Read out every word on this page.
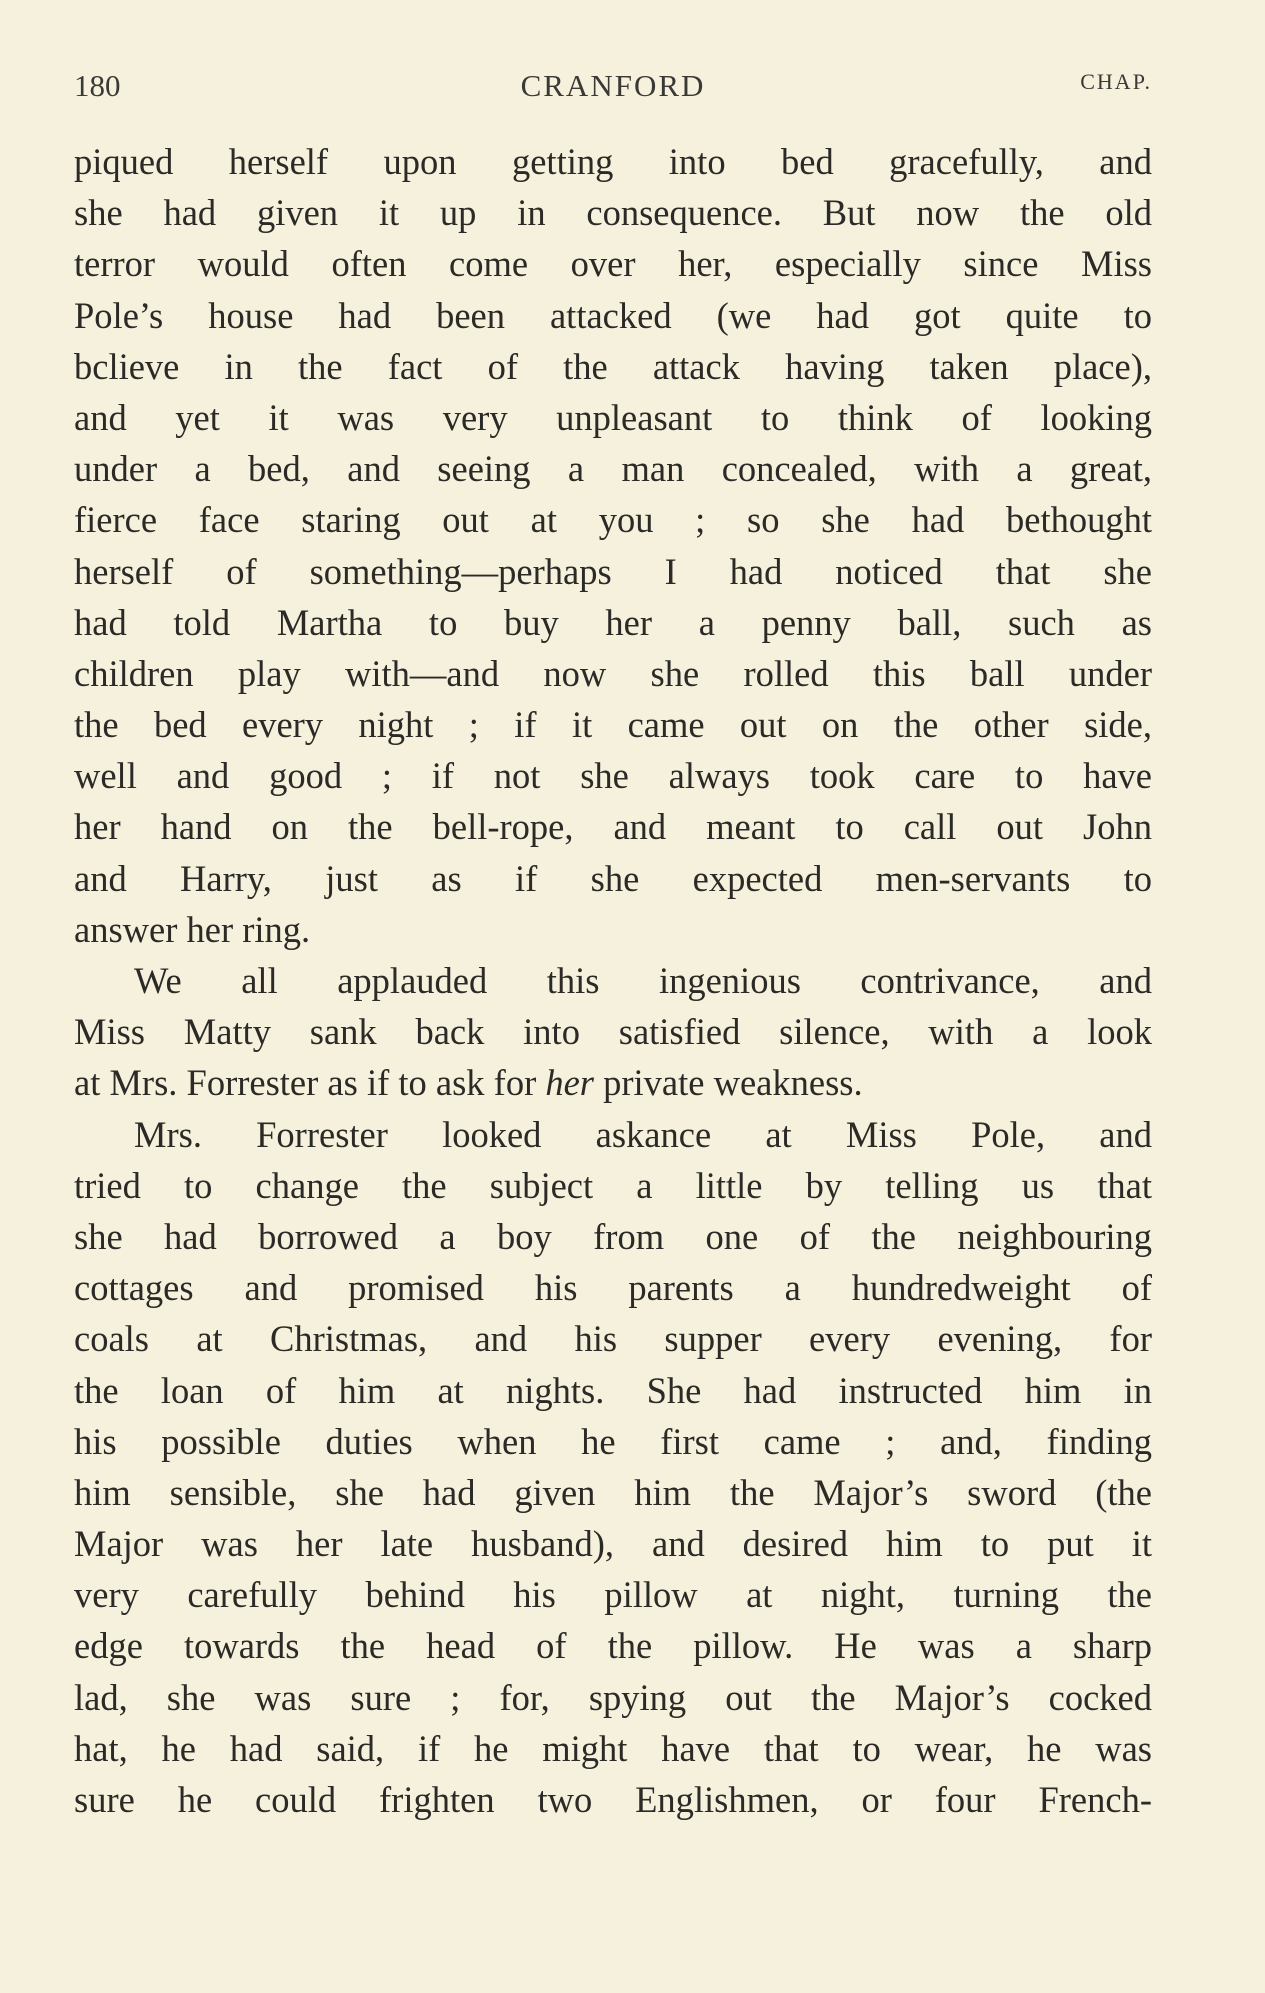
180	CRANFORD	CHAP.
piqued herself upon getting into bed gracefully, and
she had given it up in consequence. But now the old
terror would often come over her, especially since Miss
Pole’s house had been attacked (we had got quite to
bclieve in the fact of the attack having taken place),
and yet it was very unpleasant to think of looking
under a bed, and seeing a man concealed, with a great,
fierce face staring out at you ; so she had bethought
herself of something—perhaps I had noticed that she
had told Martha to buy her a penny ball, such as
children play with—and now she rolled this ball under
the bed every night ; if it came out on the other side,
well and good ; if not she always took care to have
her hand on the bell-rope, and meant to call out John
and Harry, just as if she expected men-servants to
answer her ring.
We all applauded this ingenious contrivance, and
Miss Matty sank back into satisfied silence, with a look
at Mrs. Forrester as if to ask for her private weakness.
Mrs. Forrester looked askance at Miss Pole, and
tried to change the subject a little by telling us that
she had borrowed a boy from one of the neighbouring
cottages and promised his parents a hundredweight of
coals at Christmas, and his supper every evening, for
the loan of him at nights. She had instructed him in
his possible duties when he first came ; and, finding
him sensible, she had given him the Major’s sword (the
Major was her late husband), and desired him to put it
very carefully behind his pillow at night, turning the
edge towards the head of the pillow. He was a sharp
lad, she was sure ; for, spying out the Major’s cocked
hat, he had said, if he might have that to wear, he was
sure he could frighten two Englishmen, or four French-
